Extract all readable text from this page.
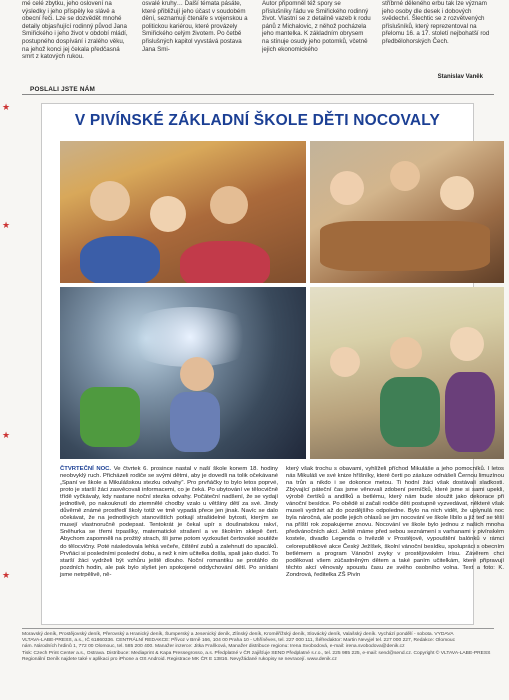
mé celé zbytku, jeho oslovení na výsledky i jeho přispěly ke slávě a obecní řeči. Lze se dozvědět mnohé detaily objasňující rodinný původ Jana Smiřického i jeho život v období mládí, postupného dospívání i zralého věku, na jehož konci jej čekala předčasná smrt z katových rukou.

osvalé kruhy… Další témata pásáte, které přibližují jeho účast v soudobém dění, seznamují čtenáře s vojenskou a politickou kariérou, které provázely Smiřického celým životem. Po četbě přislušných kapitol vyvstává postava Jana Smi-

Autor připomněl též spory se příslušníky řádu ve Smiřického rodinný život. Vlastní se z detailně vazeb k rodu pánů z Michalovic, z něhož pocházela jeho mantelka. K základním obrysem na stínuje osudy jeho potomků, včetně jejich ekonomického

stříbrné děleného erbu tak lze význam jeho osoby dle desek i dobových svědectví. Šlechtic se z rozvětvených příslušníků, který reprezentoval na přelomu 16. a 17. století nejbohatší rod předbělohorských Čech.

Stanislav Vaněk
POSLALI JSTE NÁM
★
★
★
★
V PIVÍNSKÉ ZÁKLADNÍ ŠKOLE DĚTI NOCOVALY
ČTVRTEČNÍ NOC. Ve čtvrtek 6. prosince nastal v naší škole konem 18. hodiny neobvyklý ruch. Přicházeli rodiče se svými dětmi, aby je dovedli na tolik očekávané „Spaní ve škole a Mikulášskou stezku odvahy“. Pro prvňáčky to bylo letos poprvé, proto je starší žáci zasvěcovali informacemi, co je čeká. Po ubytování ve tělocvičně třídě vyčkávaly, kdy nastane noční stezka odvahy. Počáteční nadšení, že se vydají jednotlivě, po nakouknutí do ztemnělé chodby vzalo u většiny dětí za své. Jindy důvěrně známé prostředí školy totiž ve tmě vypadá přece jen jinak. Navíc se dalo očekávat, že na jednotlivých stanovištích potkají strašidelné bytosti, kterým se musejí vlastnoručně podepsat. Tentokrát je čekal upír s doušnatskou rakví, Sněhurka se třemi trpaslíky, matematické strašení a ve školním sklepě čert. Abychom zapomněli na prožitý strach, šli jsme potom vyzkoušet čertovské soutěže do tělocvičny. Poté následovala lehká večeře, čištění zubů a zalehnutí do spacáků. Prvňáci si posledními poslední dobu, a než k nim učitelka došla, spali jako dudci. To starší žáci vydrželi být vzhůru ještě dlouho. Noční romantiku se protáhlo do pozdních hodin, ale pak bylo slyšet jen spokojené oddychování dětí. Po snídani jsme netrpělivě, ně-
který však trochu s obavami, vyhlíželi příchod Mikuláše a jeho pomocníků. I letos nás Mikuláš ve své knize hříšníky, které čerti po zásluze odnášeli Černou limuzínou na trůn a nikdo i se dokonce metou. Ti hodní žáci však dostávali sladkosti. Zbývající páteční čas jsme věnovali zdobení perníčků, které jsme si sami upekli, výrobě čertíků a andílků a betlému, který nám bude sloužit jako dekorace při vánoční besídce. Po obědě si začali rodiče děti postupně vyzvedávat, některé však museli vydržet až do pozdějšího odpoledne. Bylo na nich vidět, že uplynulá noc byla náročná, ale podle jejich ohlasů se jim nocování ve škole líbilo a již teď se těší na příští rok zopakujeme znovu. Nocování ve škole bylo jednou z našich mnoha předvánočních akcí. Ještě máme před sebou seznámení s varhanami v pivínském kostele, divadlo Legenda o hvězdě v Prostějově, vypouštění balónků v rámci celorepublikové akce Český Ježíšek, školní vánoční besídku, spolupráci s obecním betlémem a program Vánoční zvyky v prostějovském Irisu. Závěrem chci poděkovat všem zúčastněným dětem a také paním učitelkám, které připravují těchto akcí věnovaly spoustu času ze svého osobního volna. Text a foto: K. Zondrová, ředitelka ZŠ Pivín
Moravský deník, Prostějovský deník, Přerovský a Hranický deník, Šumperský a Jesenický deník, Zlínský deník, Kroměřížský deník, Slovácký deník, Valašský deník. Vychází pondělí - sobota. VYDAVA
VLTAVA-LABE-PRESS, a.s., IČ 61860336. CENTRÁLNÍ REDAKCE: Přívoz v Brně 166, 104 00 Praha 10 - Uhříněves, tel. 227 000 111, Šéfredaktor: Martin Nevyjel tel. 227 000 227, Redakce: Olomouc
nám. Národních hrdinů 1, 772 00 Olomouc, tel. 585 200 400. Manažer inzerce: Jitka Fraňková, Manažer distribuce regionu: Irena Svobodová, e-mail: irena.svobodova@denik.cz
Tisk: Czech Print Center a.s., Ostrava. Distribuce: Mediaprint & Kapa Pressegrosso, a.s. Předplatné v ČR zajišťuje SEND Předplatné s.r.o., tel. 225 985 225, e-mail: send@send.cz. Copyright © VLTAVA-LABE-PRESS
Regionální Deník najdete také v aplikaci pro iPhone a OS Android. Registrace MK ČR E 13816. Nevyžádané rukopisy se nevracejí. www.denik.cz
